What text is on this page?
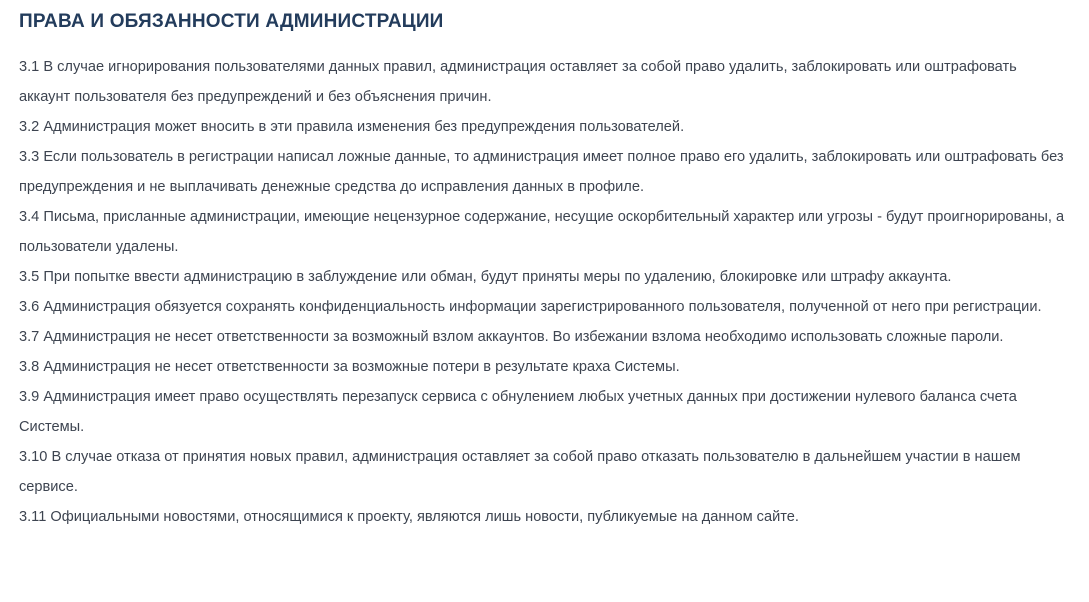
ПРАВА И ОБЯЗАННОСТИ АДМИНИСТРАЦИИ
3.1 В случае игнорирования пользователями данных правил, администрация оставляет за собой право удалить, заблокировать или оштрафовать аккаунт пользователя без предупреждений и без объяснения причин.
3.2 Администрация может вносить в эти правила изменения без предупреждения пользователей.
3.3 Если пользователь в регистрации написал ложные данные, то администрация имеет полное право его удалить, заблокировать или оштрафовать без предупреждения и не выплачивать денежные средства до исправления данных в профиле.
3.4 Письма, присланные администрации, имеющие нецензурное содержание, несущие оскорбительный характер или угрозы - будут проигнорированы, а пользователи удалены.
3.5 При попытке ввести администрацию в заблуждение или обман, будут приняты меры по удалению, блокировке или штрафу аккаунта.
3.6 Администрация обязуется сохранять конфиденциальность информации зарегистрированного пользователя, полученной от него при регистрации.
3.7 Администрация не несет ответственности за возможный взлом аккаунтов. Во избежании взлома необходимо использовать сложные пароли.
3.8 Администрация не несет ответственности за возможные потери в результате краха Системы.
3.9 Администрация имеет право осуществлять перезапуск сервиса с обнулением любых учетных данных при достижении нулевого баланса счета Системы.
3.10 В случае отказа от принятия новых правил, администрация оставляет за собой право отказать пользователю в дальнейшем участии в нашем сервисе.
3.11 Официальными новостями, относящимися к проекту, являются лишь новости, публикуемые на данном сайте.
